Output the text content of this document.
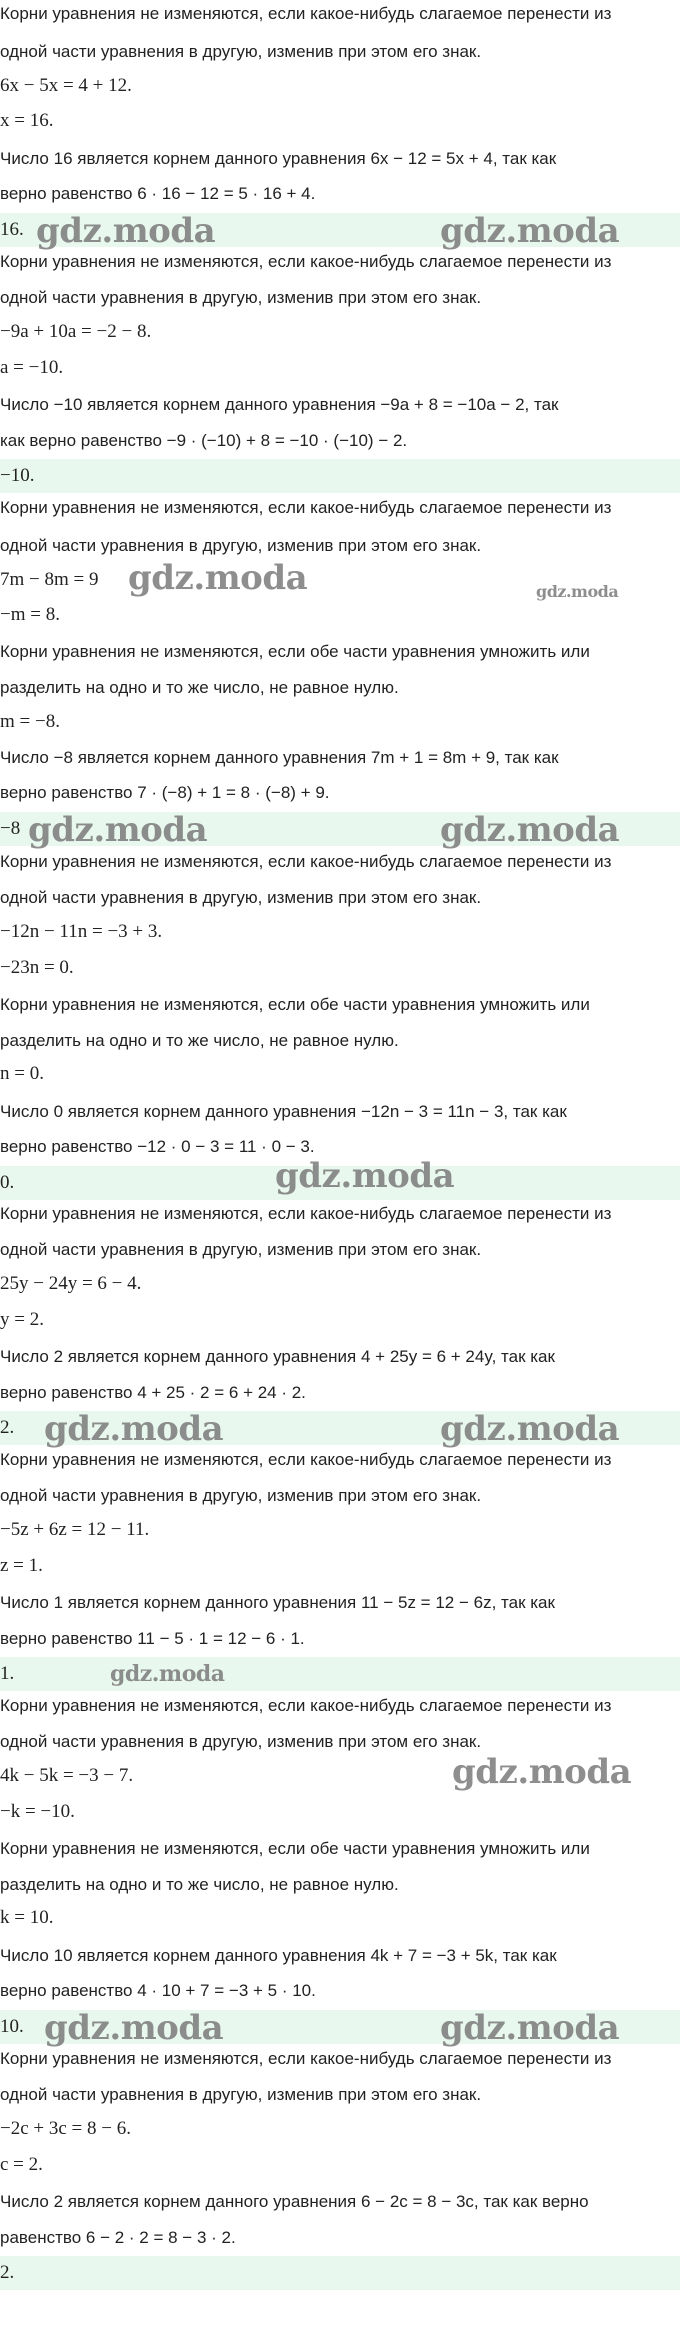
Корни уравнения не изменяются, если какое-нибудь слагаемое перенести из
одной части уравнения в другую, изменив при этом его знак.
6x − 5x = 4 + 12.
x = 16.
Число 16 является корнем данного уравнения 6x − 12 = 5x + 4, так как
верно равенство 6 · 16 − 12 = 5 · 16 + 4.
16. gdz.moda	gdz.moda
Корни уравнения не изменяются, если какое-нибудь слагаемое перенести из
одной части уравнения в другую, изменив при этом его знак.
−9a + 10a = −2 − 8.
a = −10.
Число −10 является корнем данного уравнения −9a + 8 = −10a − 2, так
как верно равенство −9 · (−10) + 8 = −10 · (−10) − 2.
−10.
Корни уравнения не изменяются, если какое-нибудь слагаемое перенести из
одной части уравнения в другую, изменив при этом его знак.
7m − 8m = 9 gdz.moda	gdz.moda
−m = 8.
Корни уравнения не изменяются, если обе части уравнения умножить или
разделить на одно и то же число, не равное нулю.
m = −8.
Число −8 является корнем данного уравнения 7m + 1 = 8m + 9, так как
верно равенство 7 · (−8) + 1 = 8 · (−8) + 9.
−8 gdz.moda	gdz.moda
Корни уравнения не изменяются, если какое-нибудь слагаемое перенести из
одной части уравнения в другую, изменив при этом его знак.
−12n − 11n = −3 + 3.
−23n = 0.
Корни уравнения не изменяются, если обе части уравнения умножить или
разделить на одно и то же число, не равное нулю.
n = 0.
Число 0 является корнем данного уравнения −12n − 3 = 11n − 3, так как
верно равенство −12 · 0 − 3 = 11 · 0 − 3.
0.	gdz.moda
Корни уравнения не изменяются, если какое-нибудь слагаемое перенести из
одной части уравнения в другую, изменив при этом его знак.
25y − 24y = 6 − 4.
y = 2.
Число 2 является корнем данного уравнения 4 + 25y = 6 + 24y, так как
верно равенство 4 + 25 · 2 = 6 + 24 · 2.
2. gdz.moda	gdz.moda
Корни уравнения не изменяются, если какое-нибудь слагаемое перенести из
одной части уравнения в другую, изменив при этом его знак.
−5z + 6z = 12 − 11.
z = 1.
Число 1 является корнем данного уравнения 11 − 5z = 12 − 6z, так как
верно равенство 11 − 5 · 1 = 12 − 6 · 1.
1.	gdz.moda
Корни уравнения не изменяются, если какое-нибудь слагаемое перенести из
одной части уравнения в другую, изменив при этом его знак.
4k − 5k = −3 − 7.	gdz.moda
−k = −10.
Корни уравнения не изменяются, если обе части уравнения умножить или
разделить на одно и то же число, не равное нулю.
k = 10.
Число 10 является корнем данного уравнения 4k + 7 = −3 + 5k, так как
верно равенство 4 · 10 + 7 = −3 + 5 · 10.
10. gdz.moda	gdz.moda
Корни уравнения не изменяются, если какое-нибудь слагаемое перенести из
одной части уравнения в другую, изменив при этом его знак.
−2c + 3c = 8 − 6.
c = 2.
Число 2 является корнем данного уравнения 6 − 2c = 8 − 3c, так как верно
равенство 6 − 2 · 2 = 8 − 3 · 2.
2.
